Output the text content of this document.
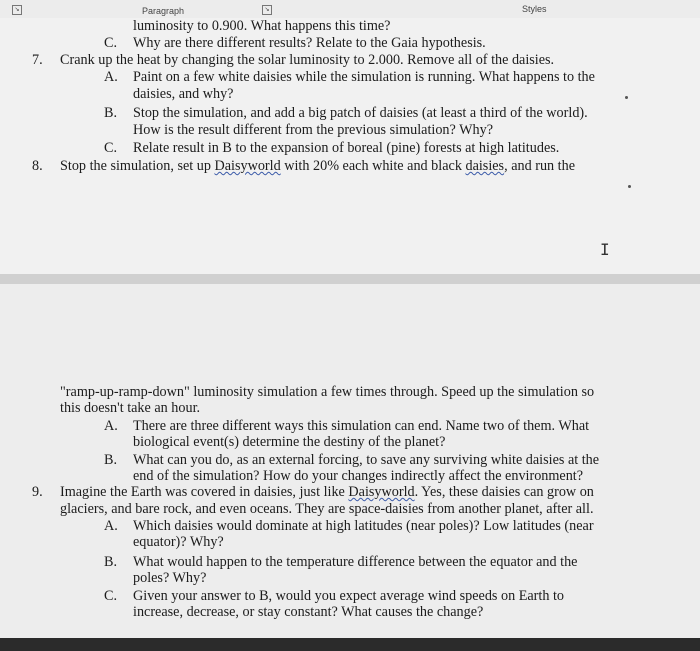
↘	Paragraph	↘	Styles
luminosity to 0.900. What happens this time?
C. Why are there different results? Relate to the Gaia hypothesis.
7. Crank up the heat by changing the solar luminosity to 2.000. Remove all of the daisies.
A. Paint on a few white daisies while the simulation is running. What happens to the
daisies, and why?
B. Stop the simulation, and add a big patch of daisies (at least a third of the world).
How is the result different from the previous simulation? Why?
C. Relate result in B to the expansion of boreal (pine) forests at high latitudes.
8. Stop the simulation, set up Daisyworld with 20% each white and black daisies, and run the
I
"ramp-up-ramp-down" luminosity simulation a few times through. Speed up the simulation so
this doesn't take an hour.
A. There are three different ways this simulation can end. Name two of them. What
biological event(s) determine the destiny of the planet?
B. What can you do, as an external forcing, to save any surviving white daisies at the
end of the simulation? How do your changes indirectly affect the environment?
9. Imagine the Earth was covered in daisies, just like Daisyworld. Yes, these daisies can grow on
glaciers, and bare rock, and even oceans. They are space-daisies from another planet, after all.
A. Which daisies would dominate at high latitudes (near poles)? Low latitudes (near
equator)? Why?
B. What would happen to the temperature difference between the equator and the
poles? Why?
C. Given your answer to B, would you expect average wind speeds on Earth to
increase, decrease, or stay constant? What causes the change?
